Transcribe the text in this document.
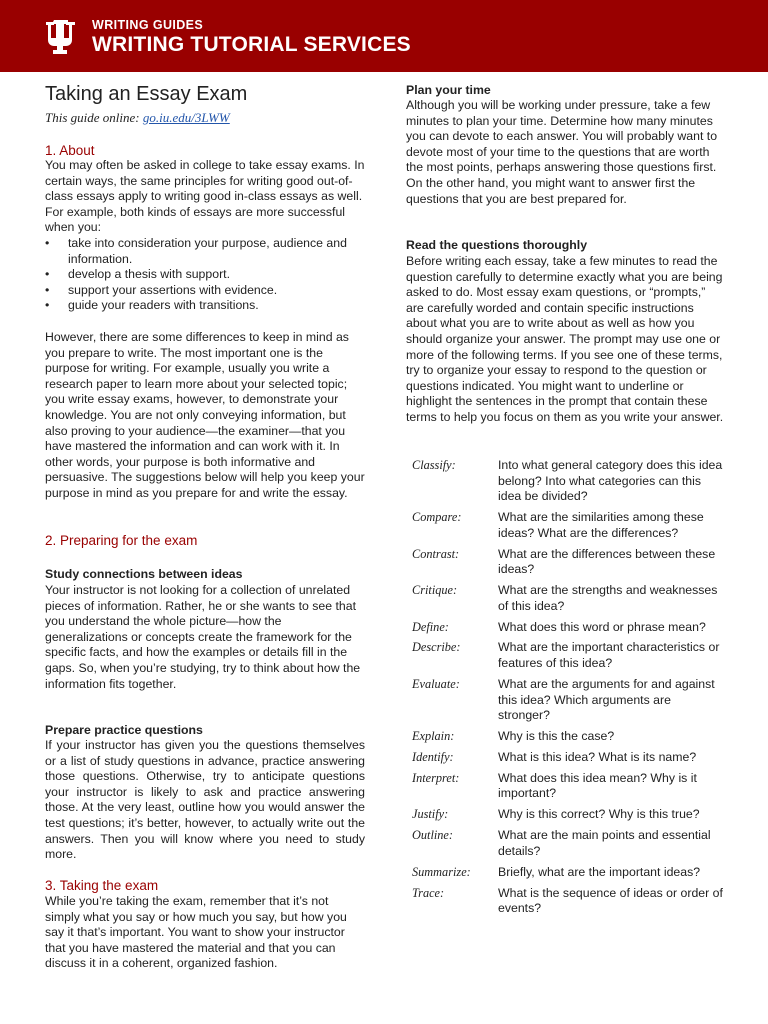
WRITING GUIDES
WRITING TUTORIAL SERVICES
Taking an Essay Exam
This guide online: go.iu.edu/3LWW
1. About

You may often be asked in college to take essay exams. In certain ways, the same principles for writing good out-of-class essays apply to writing good in-class essays as well. For example, both kinds of essays are more successful when you:

• take into consideration your purpose, audience and information.
• develop a thesis with support.
• support your assertions with evidence.
• guide your readers with transitions.

However, there are some differences to keep in mind as you prepare to write. The most important one is the purpose for writing. For example, usually you write a research paper to learn more about your selected topic; you write essay exams, however, to demonstrate your knowledge. You are not only conveying information, but also proving to your audience—the examiner—that you have mastered the information and can work with it. In other words, your purpose is both informative and persuasive. The suggestions below will help you keep your purpose in mind as you prepare for and write the essay.

2. Preparing for the exam
Study connections between ideas

Your instructor is not looking for a collection of unrelated pieces of information. Rather, he or she wants to see that you understand the whole picture—how the generalizations or concepts create the framework for the specific facts, and how the examples or details fill in the gaps. So, when you’re studying, try to think about how the information fits together.

Prepare practice questions

If your instructor has given you the questions themselves or a list of study questions in advance, practice answering those questions. Otherwise, try to anticipate questions your instructor is likely to ask and practice answering those. At the very least, outline how you would answer the test questions; it’s better, however, to actually write out the answers. Then you will know where you need to study more.

3. Taking the exam

While you’re taking the exam, remember that it’s not simply what you say or how much you say, but how you say it that’s important. You want to show your instructor that you have mastered the material and that you can discuss it in a coherent, organized fashion.

Plan your time

Although you will be working under pressure, take a few minutes to plan your time. Determine how many minutes you can devote to each answer. You will probably want to devote most of your time to the questions that are worth the most points, perhaps answering those questions first. On the other hand, you might want to answer first the questions that you are best prepared for.

Read the questions thoroughly

Before writing each essay, take a few minutes to read the question carefully to determine exactly what you are being asked to do. Most essay exam questions, or “prompts,” are carefully worded and contain specific instructions about what you are to write about as well as how you should organize your answer. The prompt may use one or more of the following terms. If you see one of these terms, try to organize your essay to respond to the question or questions indicated. You might want to underline or highlight the sentences in the prompt that contain these terms to help you focus on them as you write your answer.

Classify:	Into what general category does this idea belong? Into what categories can this idea be divided?
Compare:	What are the similarities among these ideas? What are the differences?
Contrast:	What are the differences between these ideas?
Critique:	What are the strengths and weaknesses of this idea?
Define:	What does this word or phrase mean?
Describe:	What are the important characteristics or features of this idea?
Evaluate:	What are the arguments for and against this idea? Which arguments are stronger?
Explain:	Why is this the case?
Identify:	What is this idea? What is its name?
Interpret:	What does this idea mean? Why is it important?
Justify:	Why is this correct? Why is this true?
Outline:	What are the main points and essential details?
Summarize:	Briefly, what are the important ideas?
Trace:	What is the sequence of ideas or order of events?
